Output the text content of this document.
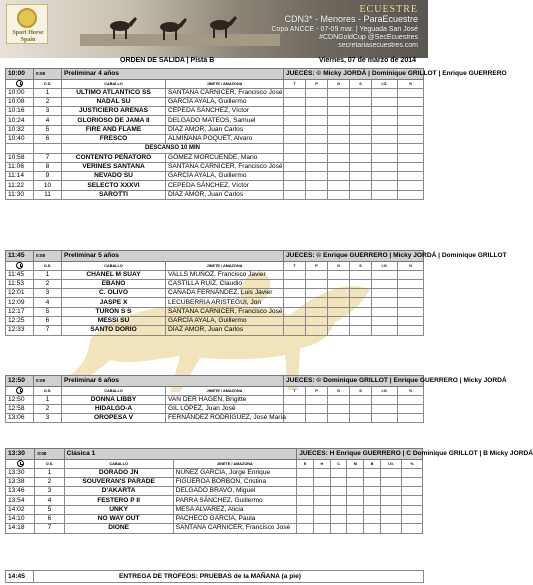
Sport Horse
Spain
ECUESTRE
CDN3* - Menores - ParaEcuestre
Copa ANCCE - 07-09 mar. | Yeguada San José
#CDNGoldCup @SecEcuestres
secretariasecuestres.com
ORDEN DE SALIDA | Pista B	Viernes, 07 de marzo de 2014
10:00	0:08	Preliminar 4 años		JUECES: © Micky JORDÁ | Dominique GRILLOT | Enrique GUERRERO					
	O.S.	CABALLO	JINETE / AMAZONA	T	P	G	S	I.G.	%
10:00	1	ULTIMO ATLANTICO SS	SANTANA CARNICER, Francisco José						
10:08	2	NADAL SU	GARCÍA AYALA, Guillermo						
10:16	3	JUSTICIERO ARENAS	CEPEDA SÁNCHEZ, Víctor						
10:24	4	GLORIOSO DE JAMA II	DELGADO MATEOS, Samuel						
10:32	5	FIRE AND FLAME	DÍAZ AMOR, Juan Carlos						
10:40	6	FRESCO	ALMIÑANA POQUET, Alvaro						
		DESCANSO 10 MIN							
10:58	7	CONTENTO PEÑATORO	GÓMEZ MORCUENDE, Mario						
11:06	8	VERINES SANTANA	SANTANA CARNICER, Francisco José						
11:14	9	NEVADO SU	GARCÍA AYALA, Guillermo						
11:22	10	SELECTO XXXVI	CEPEDA SÁNCHEZ, Víctor						
11:30	11	SAROTTI	DÍAZ AMOR, Juan Carlos						
11:45	0:08	Preliminar 5 años		JUECES: © Enrique GUERRERO | Micky JORDÁ | Dominique GRILLOT					
	O.S.	CABALLO	JINETE / AMAZONA	T	P	G	S	I.G.	%
11:45	1	CHANEL M SUAY	VALLS MUÑOZ, Francisco Javier						
11:53	2	EBANO	CASTILLA RUIZ, Claudio						
12:01	3	C. OLIVO	CAÑADA FERNÁNDEZ, Luis Javier						
12:09	4	JASPE X	LECUBERRIA ARISTEGUI, Jon						
12:17	5	TURON S S	SANTANA CARNICER, Francisco José						
12:25	6	MESSI SU	GARCÍA AYALA, Guillermo						
12:33	7	SANTO DORIO	DÍAZ AMOR, Juan Carlos						
12:50	0:08	Preliminar 6 años		JUECES: © Dominique GRILLOT | Enrique GUERRERO | Micky JORDÁ					
	O.S.	CABALLO	JINETE / AMAZONA	T	P	G	S	I.G.	%
12:50	1	DONNA LIBBY	VAN DER HAGEN, Brigitte						
12:58	2	HIDALGO-A	GIL LÓPEZ, Juan José						
13:06	3	OROPESA V	FERNÁNDEZ RODRÍGUEZ, José María						
13:30	0:08	Clásica 1		JUECES: H Enrique GUERRERO | C Dominique GRILLOT | B Micky JORDÁ						
	O.S.	CABALLO	JINETE / AMAZONA	E	H	C	M	B	I.G.	%
13:30	1	DORADO JN	NÚÑEZ GARCÍA, Jorge Enrique							
13:38	2	SOUVERAN'S PARADE	FIGUEROA BORBON, Cristina							
13:46	3	D'AKARTA	DELGADO BRAVO, Miguel							
13:54	4	FESTERO P II	PARRA SÁNCHEZ, Guillermo							
14:02	5	UNKY	MESA ALVAREZ, Alicia							
14:10	6	NO WAY OUT	PACHECO GARCÍA, Paula							
14:18	7	DIONE	SANTANA CARNICER, Francisco José							
14:45	ENTREGA DE TROFEOS: PRUEBAS de la MAÑANA (a pie)
